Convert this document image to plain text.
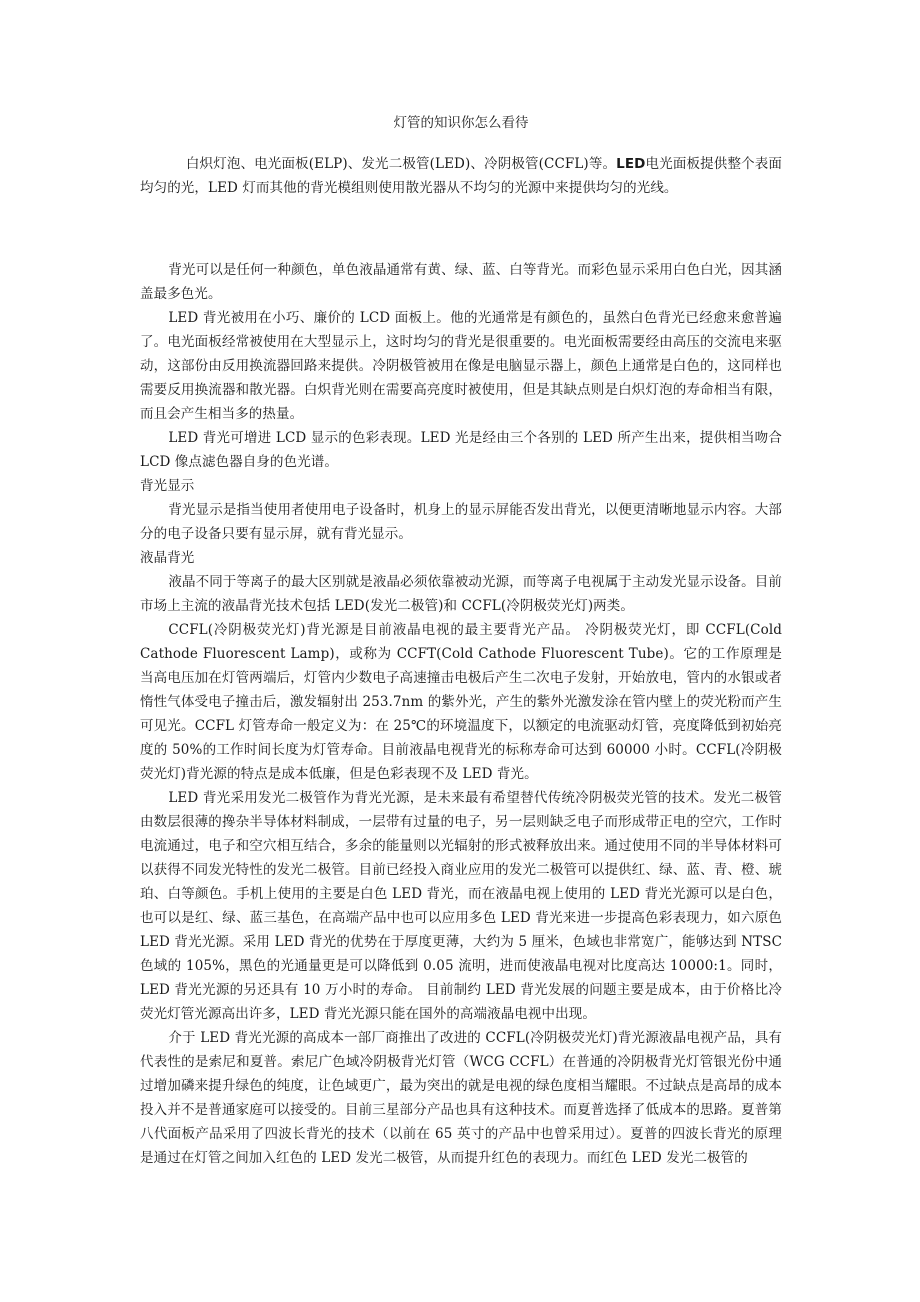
灯管的知识你怎么看待

白炽灯泡、电光面板(ELP)、发光二极管(LED)、冷阴极管(CCFL)等。LED电光面板提供整个表面均匀的光，LED 灯而其他的背光模组则使用散光器从不均匀的光源中来提供均匀的光线。

背光可以是任何一种颜色，单色液晶通常有黄、绿、蓝、白等背光。而彩色显示采用白色白光，因其涵盖最多色光。

LED 背光被用在小巧、廉价的 LCD 面板上。他的光通常是有颜色的，虽然白色背光已经愈来愈普遍了。电光面板经常被使用在大型显示上，这时均匀的背光是很重要的。电光面板需要经由高压的交流电来驱动，这部份由反用换流器回路来提供。冷阴极管被用在像是电脑显示器上，颜色上通常是白色的，这同样也需要反用换流器和散光器。白炽背光则在需要高亮度时被使用，但是其缺点则是白炽灯泡的寿命相当有限，而且会产生相当多的热量。

LED 背光可增进 LCD 显示的色彩表现。LED 光是经由三个各别的 LED 所产生出来，提供相当吻合 LCD 像点滤色器自身的色光谱。

背光显示

背光显示是指当使用者使用电子设备时，机身上的显示屏能否发出背光，以便更清晰地显示内容。大部分的电子设备只要有显示屏，就有背光显示。

液晶背光

液晶不同于等离子的最大区别就是液晶必须依靠被动光源，而等离子电视属于主动发光显示设备。目前市场上主流的液晶背光技术包括 LED(发光二极管)和 CCFL(冷阴极荧光灯)两类。

CCFL(冷阴极荧光灯)背光源是目前液晶电视的最主要背光产品。 冷阴极荧光灯，即 CCFL(Cold Cathode Fluorescent Lamp)，或称为 CCFT(Cold Cathode Fluorescent Tube)。它的工作原理是当高电压加在灯管两端后，灯管内少数电子高速撞击电极后产生二次电子发射，开始放电，管内的水银或者惰性气体受电子撞击后，激发辐射出 253.7nm 的紫外光，产生的紫外光激发涂在管内壁上的荧光粉而产生可见光。CCFL 灯管寿命一般定义为：在 25℃的环境温度下，以额定的电流驱动灯管，亮度降低到初始亮度的 50%的工作时间长度为灯管寿命。目前液晶电视背光的标称寿命可达到 60000 小时。CCFL(冷阴极荧光灯)背光源的特点是成本低廉，但是色彩表现不及 LED 背光。

LED 背光采用发光二极管作为背光光源，是未来最有希望替代传统冷阴极荧光管的技术。发光二极管由数层很薄的搀杂半导体材料制成，一层带有过量的电子，另一层则缺乏电子而形成带正电的空穴，工作时电流通过，电子和空穴相互结合，多余的能量则以光辐射的形式被释放出来。通过使用不同的半导体材料可以获得不同发光特性的发光二极管。目前已经投入商业应用的发光二极管可以提供红、绿、蓝、青、橙、琥珀、白等颜色。手机上使用的主要是白色 LED 背光，而在液晶电视上使用的 LED 背光光源可以是白色，也可以是红、绿、蓝三基色，在高端产品中也可以应用多色 LED 背光来进一步提高色彩表现力，如六原色 LED 背光光源。采用 LED 背光的优势在于厚度更薄，大约为 5 厘米，色域也非常宽广，能够达到 NTSC 色域的 105%，黑色的光通量更是可以降低到 0.05 流明，进而使液晶电视对比度高达 10000:1。同时，LED 背光光源的另还具有 10 万小时的寿命。 目前制约 LED 背光发展的问题主要是成本，由于价格比冷荧光灯管光源高出许多，LED 背光光源只能在国外的高端液晶电视中出现。

介于 LED 背光光源的高成本一部厂商推出了改进的 CCFL(冷阴极荧光灯)背光源液晶电视产品，具有代表性的是索尼和夏普。索尼广色域冷阴极背光灯管（WCG CCFL）在普通的冷阴极背光灯管银光份中通过增加磷来提升绿色的纯度，让色域更广，最为突出的就是电视的绿色度相当耀眼。不过缺点是高昂的成本投入并不是普通家庭可以接受的。目前三星部分产品也具有这种技术。而夏普选择了低成本的思路。夏普第八代面板产品采用了四波长背光的技术（以前在 65 英寸的产品中也曾采用过）。夏普的四波长背光的原理是通过在灯管之间加入红色的 LED 发光二极管，从而提升红色的表现力。而红色 LED 发光二极管的
